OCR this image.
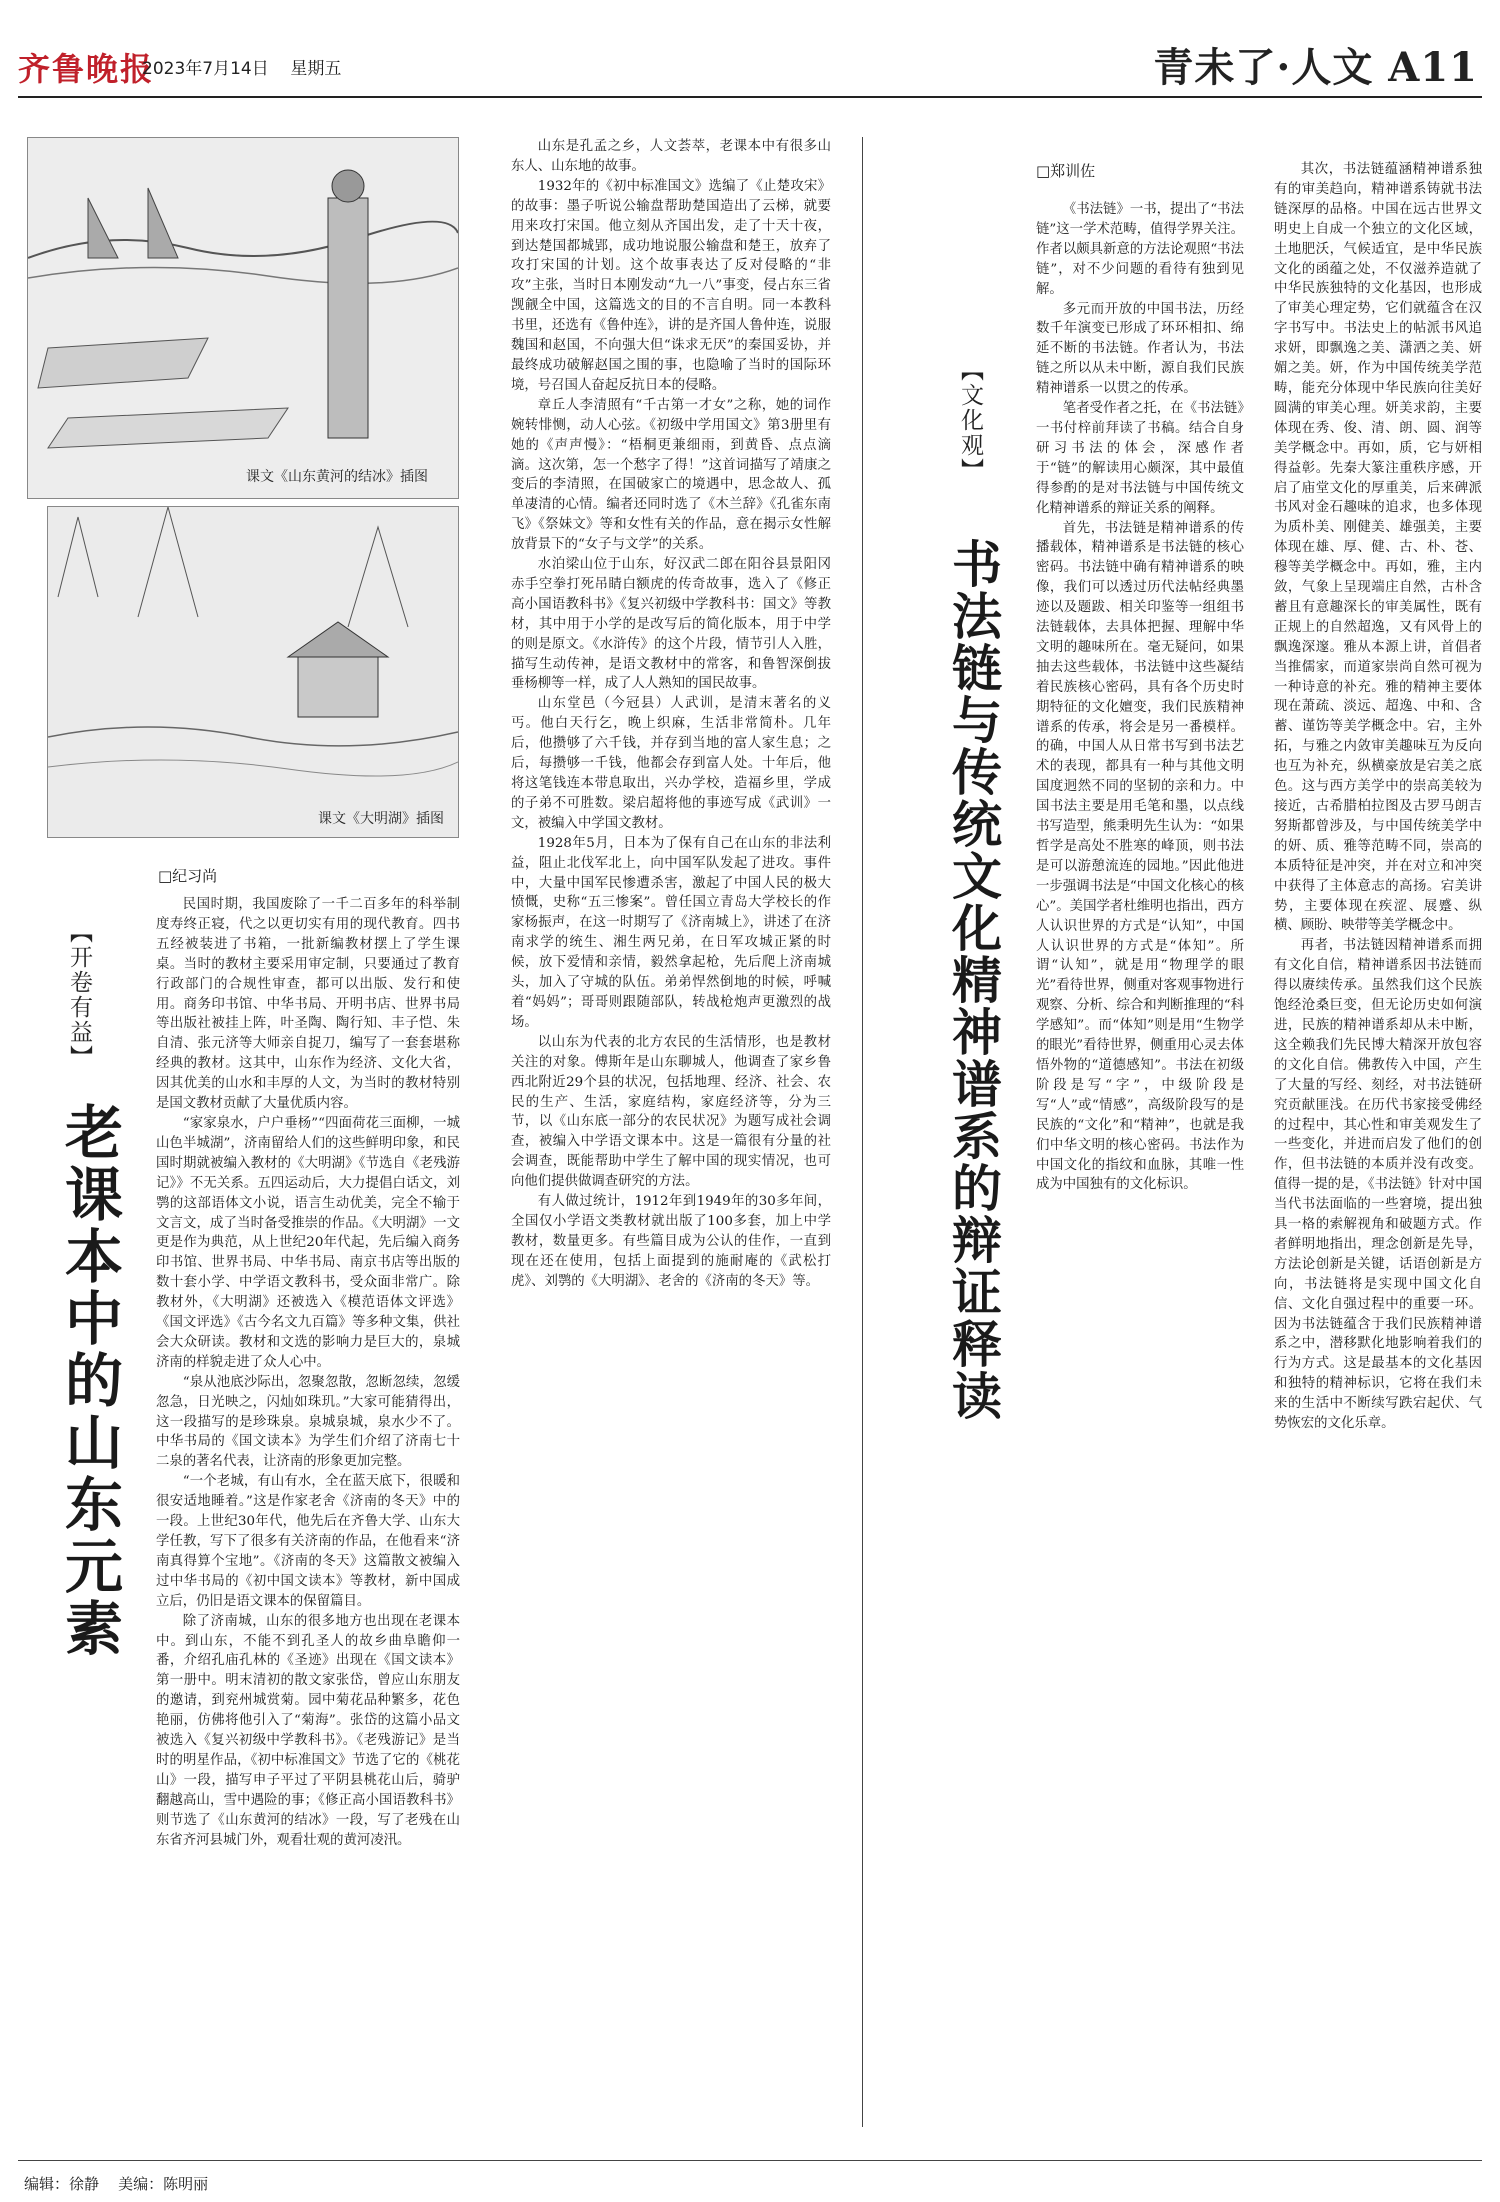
齐鲁晚报
2023年7月14日 星期五	青未了·人文 A11
课文《山东黄河的结冰》插图
课文《大明湖》插图
【开卷有益】
老课本中的山东元素
□纪习尚

民国时期，我国废除了一千二百多年的科举制度寿终正寝，代之以更切实有用的现代教育。四书五经被装进了书箱，一批新编教材摆上了学生课桌。当时的教材主要采用审定制，只要通过了教育行政部门的合规性审查，都可以出版、发行和使用。商务印书馆、中华书局、开明书店、世界书局等出版社被挂上阵，叶圣陶、陶行知、丰子恺、朱自清、张元济等大师亲自捉刀，编写了一套套堪称经典的教材。这其中，山东作为经济、文化大省，因其优美的山水和丰厚的人文，为当时的教材特别是国文教材贡献了大量优质内容。

“家家泉水，户户垂杨”“四面荷花三面柳，一城山色半城湖”，济南留给人们的这些鲜明印象，和民国时期就被编入教材的《大明湖》《节选自《老残游记》》不无关系。五四运动后，大力提倡白话文，刘鹗的这部语体文小说，语言生动优美，完全不输于文言文，成了当时备受推崇的作品。《大明湖》一文更是作为典范，从上世纪20年代起，先后编入商务印书馆、世界书局、中华书局、南京书店等出版的数十套小学、中学语文教科书，受众面非常广。除教材外，《大明湖》还被选入《模范语体文评选》《国文评选》《古今名文九百篇》等多种文集，供社会大众研读。教材和文选的影响力是巨大的，泉城济南的样貌走进了众人心中。

“泉从池底沙际出，忽聚忽散，忽断忽续，忽缓忽急，日光映之，闪灿如珠玑。”大家可能猜得出，这一段描写的是珍珠泉。泉城泉城，泉水少不了。中华书局的《国文读本》为学生们介绍了济南七十二泉的著名代表，让济南的形象更加完整。

“一个老城，有山有水，全在蓝天底下，很暖和很安适地睡着。”这是作家老舍《济南的冬天》中的一段。上世纪30年代，他先后在齐鲁大学、山东大学任教，写下了很多有关济南的作品，在他看来“济南真得算个宝地”。《济南的冬天》这篇散文被编入过中华书局的《初中国文读本》等教材，新中国成立后，仍旧是语文课本的保留篇目。

除了济南城，山东的很多地方也出现在老课本中。到山东，不能不到孔圣人的故乡曲阜瞻仰一番，介绍孔庙孔林的《圣迹》出现在《国文读本》第一册中。明末清初的散文家张岱，曾应山东朋友的邀请，到兖州城赏菊。园中菊花品种繁多，花色艳丽，仿佛将他引入了“菊海”。张岱的这篇小品文被选入《复兴初级中学教科书》。《老残游记》是当时的明星作品，《初中标准国文》节选了它的《桃花山》一段，描写申子平过了平阴县桃花山后，骑驴翻越高山，雪中遇险的事；《修正高小国语教科书》则节选了《山东黄河的结冰》一段，写了老残在山东省齐河县城门外，观看壮观的黄河凌汛。

山东是孔孟之乡，人文荟萃，老课本中有很多山东人、山东地的故事。

1932年的《初中标准国文》选编了《止楚攻宋》的故事：墨子听说公输盘帮助楚国造出了云梯，就要用来攻打宋国。他立刻从齐国出发，走了十天十夜，到达楚国都城郢，成功地说服公输盘和楚王，放弃了攻打宋国的计划。这个故事表达了反对侵略的“非攻”主张，当时日本刚发动“九一八”事变，侵占东三省觊觎全中国，这篇选文的目的不言自明。同一本教科书里，还选有《鲁仲连》，讲的是齐国人鲁仲连，说服魏国和赵国，不向强大但“诛求无厌”的秦国妥协，并最终成功破解赵国之围的事，也隐喻了当时的国际环境，号召国人奋起反抗日本的侵略。

章丘人李清照有“千古第一才女”之称，她的词作婉转悱恻，动人心弦。《初级中学用国文》第3册里有她的《声声慢》：“梧桐更兼细雨，到黄昏、点点滴滴。这次第，怎一个愁字了得！”这首词描写了靖康之变后的李清照，在国破家亡的境遇中，思念故人、孤单凄清的心情。编者还同时选了《木兰辞》《孔雀东南飞》《祭妹文》等和女性有关的作品，意在揭示女性解放背景下的“女子与文学”的关系。

水泊梁山位于山东，好汉武二郎在阳谷县景阳冈赤手空拳打死吊睛白额虎的传奇故事，选入了《修正高小国语教科书》《复兴初级中学教科书：国文》等教材，其中用于小学的是改写后的简化版本，用于中学的则是原文。《水浒传》的这个片段，情节引人入胜，描写生动传神，是语文教材中的常客，和鲁智深倒拔垂杨柳等一样，成了人人熟知的国民故事。

山东堂邑（今冠县）人武训，是清末著名的义丐。他白天行乞，晚上织麻，生活非常简朴。几年后，他攒够了六千钱，并存到当地的富人家生息；之后，每攒够一千钱，他都会存到富人处。十年后，他将这笔钱连本带息取出，兴办学校，造福乡里，学成的子弟不可胜数。梁启超将他的事迹写成《武训》一文，被编入中学国文教材。

1928年5月，日本为了保有自己在山东的非法利益，阻止北伐军北上，向中国军队发起了进攻。事件中，大量中国军民惨遭杀害，激起了中国人民的极大愤慨，史称“五三惨案”。曾任国立青岛大学校长的作家杨振声，在这一时期写了《济南城上》，讲述了在济南求学的统生、湘生两兄弟，在日军攻城正紧的时候，放下爱情和亲情，毅然拿起枪，先后爬上济南城头，加入了守城的队伍。弟弟悍然倒地的时候，呼喊着“妈妈”；哥哥则跟随部队，转战枪炮声更激烈的战场。

以山东为代表的北方农民的生活情形，也是教材关注的对象。傅斯年是山东聊城人，他调查了家乡鲁西北附近29个县的状况，包括地理、经济、社会、农民的生产、生活，家庭结构，家庭经济等，分为三节，以《山东底一部分的农民状况》为题写成社会调查，被编入中学语文课本中。这是一篇很有分量的社会调查，既能帮助中学生了解中国的现实情况，也可向他们提供做调查研究的方法。

有人做过统计，1912年到1949年的30多年间，全国仅小学语文类教材就出版了100多套，加上中学教材，数量更多。有些篇目成为公认的佳作，一直到现在还在使用，包括上面提到的施耐庵的《武松打虎》、刘鹗的《大明湖》、老舍的《济南的冬天》等。

【文化观】
书法链与传统文化精神谱系的辩证释读
□郑训佐

《书法链》一书，提出了“书法链”这一学术范畴，值得学界关注。作者以颇具新意的方法论观照“书法链”，对不少问题的看待有独到见解。

多元而开放的中国书法，历经数千年演变已形成了环环相扣、绵延不断的书法链。作者认为，书法链之所以从未中断，源自我们民族精神谱系一以贯之的传承。

笔者受作者之托，在《书法链》一书付梓前拜读了书稿。结合自身研习书法的体会，深感作者于“链”的解读用心颇深，其中最值得参酌的是对书法链与中国传统文化精神谱系的辩证关系的阐释。

首先，书法链是精神谱系的传播载体，精神谱系是书法链的核心密码。书法链中确有精神谱系的映像，我们可以透过历代法帖经典墨迹以及题跋、相关印鉴等一组组书法链载体，去具体把握、理解中华文明的趣味所在。毫无疑问，如果抽去这些载体，书法链中这些凝结着民族核心密码，具有各个历史时期特征的文化嬗变，我们民族精神谱系的传承，将会是另一番模样。的确，中国人从日常书写到书法艺术的表现，都具有一种与其他文明国度迥然不同的坚韧的亲和力。中国书法主要是用毛笔和墨，以点线书写造型，熊秉明先生认为：“如果哲学是高处不胜寒的峰顶，则书法是可以游憩流连的园地。”因此他进一步强调书法是“中国文化核心的核心”。美国学者杜维明也指出，西方人认识世界的方式是“认知”，中国人认识世界的方式是“体知”。所谓“认知”，就是用“物理学的眼光”看待世界，侧重对客观事物进行观察、分析、综合和判断推理的“科学感知”。而“体知”则是用“生物学的眼光”看待世界，侧重用心灵去体悟外物的“道德感知”。书法在初级阶段是写“字”，中级阶段是写“人”或“情感”，高级阶段写的是民族的“文化”和“精神”，也就是我们中华文明的核心密码。书法作为中国文化的指纹和血脉，其唯一性成为中国独有的文化标识。

其次，书法链蕴涵精神谱系独有的审美趋向，精神谱系铸就书法链深厚的品格。中国在远古世界文明史上自成一个独立的文化区域，土地肥沃，气候适宜，是中华民族文化的函蕴之处，不仅滋养造就了中华民族独特的文化基因，也形成了审美心理定势，它们就蕴含在汉字书写中。书法史上的帖派书风追求妍，即飘逸之美、潇洒之美、妍媚之美。妍，作为中国传统美学范畴，能充分体现中华民族向往美好圆满的审美心理。妍美求韵，主要体现在秀、俊、清、朗、圆、润等美学概念中。再如，质，它与妍相得益彰。先秦大篆注重秩序感，开启了庙堂文化的厚重美，后来碑派书风对金石趣味的追求，也多体现为质朴美、刚健美、雄强美，主要体现在雄、厚、健、古、朴、苍、穆等美学概念中。再如，雅，主内敛，气象上呈现端庄自然，古朴含蓄且有意趣深长的审美属性，既有正规上的自然超逸，又有风骨上的飘逸深邃。雅从本源上讲，首倡者当推儒家，而道家崇尚自然可视为一种诗意的补充。雅的精神主要体现在萧疏、淡远、超逸、中和、含蓄、谨饬等美学概念中。宕，主外拓，与雅之内敛审美趣味互为反向也互为补充，纵横豪放是宕美之底色。这与西方美学中的崇高美较为接近，古希腊柏拉图及古罗马朗吉努斯都曾涉及，与中国传统美学中的妍、质、雅等范畴不同，崇高的本质特征是冲突，并在对立和冲突中获得了主体意志的高扬。宕美讲势，主要体现在疾涩、展蹙、纵横、顾盼、映带等美学概念中。

再者，书法链因精神谱系而拥有文化自信，精神谱系因书法链而得以赓续传承。虽然我们这个民族饱经沧桑巨变，但无论历史如何演进，民族的精神谱系却从未中断，这全赖我们先民博大精深开放包容的文化自信。佛教传入中国，产生了大量的写经、刻经，对书法链研究贡献匪浅。在历代书家接受佛经的过程中，其心性和审美观发生了一些变化，并进而启发了他们的创作，但书法链的本质并没有改变。值得一提的是，《书法链》针对中国当代书法面临的一些窘境，提出独具一格的索解视角和破题方式。作者鲜明地指出，理念创新是先导，方法论创新是关键，话语创新是方向，书法链将是实现中国文化自信、文化自强过程中的重要一环。因为书法链蕴含于我们民族精神谱系之中，潜移默化地影响着我们的行为方式。这是最基本的文化基因和独特的精神标识，它将在我们未来的生活中不断续写跌宕起伏、气势恢宏的文化乐章。

编辑：徐静 美编：陈明丽
